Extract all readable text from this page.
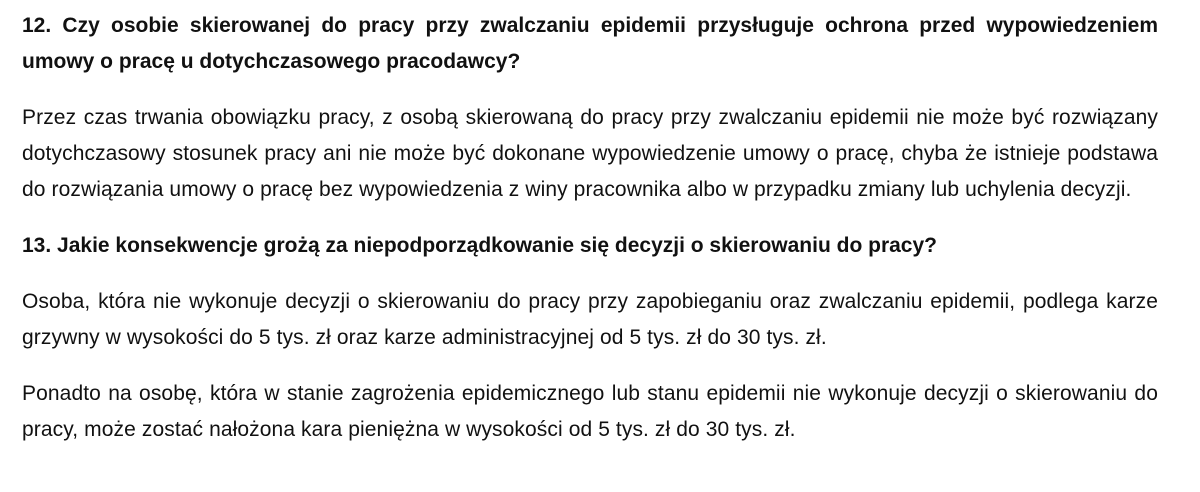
12. Czy osobie skierowanej do pracy przy zwalczaniu epidemii przysługuje ochrona przed wypowiedzeniem umowy o pracę u dotychczasowego pracodawcy?

Przez czas trwania obowiązku pracy, z osobą skierowaną do pracy przy zwalczaniu epidemii nie może być rozwiązany dotychczasowy stosunek pracy ani nie może być dokonane wypowiedzenie umowy o pracę, chyba że istnieje podstawa do rozwiązania umowy o pracę bez wypowiedzenia z winy pracownika albo w przypadku zmiany lub uchylenia decyzji.

13. Jakie konsekwencje grożą za niepodporządkowanie się decyzji o skierowaniu do pracy?

Osoba, która nie wykonuje decyzji o skierowaniu do pracy przy zapobieganiu oraz zwalczaniu epidemii, podlega karze grzywny w wysokości do 5 tys. zł oraz karze administracyjnej od 5 tys. zł do 30 tys. zł.

Ponadto na osobę, która w stanie zagrożenia epidemicznego lub stanu epidemii nie wykonuje decyzji o skierowaniu do pracy, może zostać nałożona kara pieniężna w wysokości od 5 tys. zł do 30 tys. zł.
